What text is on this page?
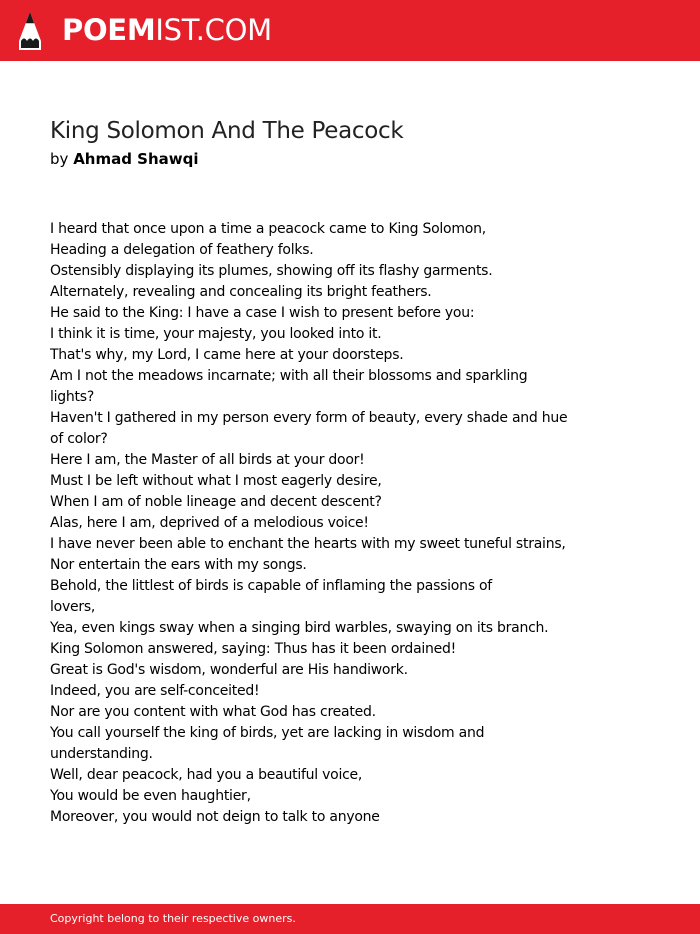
POEMIST.COM
King Solomon And The Peacock
by Ahmad Shawqi
I heard that once upon a time a peacock came to King Solomon,
Heading a delegation of feathery folks.
Ostensibly displaying its plumes, showing off its flashy garments.
Alternately, revealing and concealing its bright feathers.
He said to the King: I have a case I wish to present before you:
I think it is time, your majesty, you looked into it.
That's why, my Lord, I came here at your doorsteps.
Am I not the meadows incarnate; with all their blossoms and sparkling
lights?
Haven't I gathered in my person every form of beauty, every shade and hue
of color?
Here I am, the Master of all birds at your door!
Must I be left without what I most eagerly desire,
When I am of noble lineage and decent descent?
Alas, here I am, deprived of a melodious voice!
I have never been able to enchant the hearts with my sweet tuneful strains,
Nor entertain the ears with my songs.
Behold, the littlest of birds is capable of inflaming the passions of
lovers,
Yea, even kings sway when a singing bird warbles, swaying on its branch.
King Solomon answered, saying: Thus has it been ordained!
Great is God's wisdom, wonderful are His handiwork.
Indeed, you are self-conceited!
Nor are you content with what God has created.
You call yourself the king of birds, yet are lacking in wisdom and
understanding.
Well, dear peacock, had you a beautiful voice,
You would be even haughtier,
Moreover, you would not deign to talk to anyone
Copyright belong to their respective owners.
